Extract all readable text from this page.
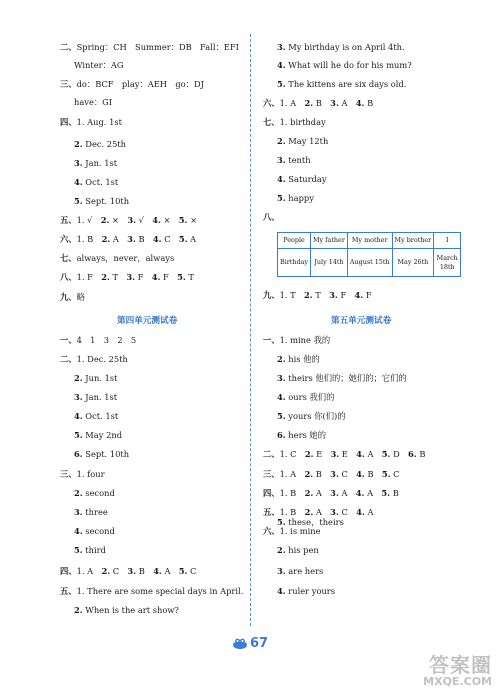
二、Spring：CH　Summer：DB　Fall：EFI
Winter：AG
三、do：BCF　play：AEH　go：DJ
have：GI
四、1. Aug. 1st
2. Dec. 25th
3. Jan. 1st
4. Oct. 1st
5. Sept. 10th
五、1. √　2. ×　3. √　4. ×　5. ×
六、1. B　2. A　3. B　4. C　5. A
七、always，never，always
八、1. F　2. T　3. F　4. F　5. T
九、略
一、4　1　3　2　5
二、1. Dec. 25th
2. Jun. 1st
3. Jan. 1st
4. Oct. 1st
5. May 2nd
6. Sept. 10th
三、1. four
2. second
3. three
4. second
5. third
四、1. A　2. C　3. B　4. A　5. C
五、1. There are some special days in April.
2. When is the art show?
第四单元测试卷
3. My birthday is on April 4th.
4. What will he do for his mum?
5. The kittens are six days old.
六、1. A　2. B　3. A　4. B
七、1. birthday
2. May 12th
3. tenth
4. Saturday
5. happy
八、
九、1. T　2. T　3. F　4. F
一、1. mine 我的
2. his 他的
3. theirs 他们的；她们的；它们的
4. ours 我们的
5. yours 你(们)的
6. hers 她的
二、1. C　2. E　3. E　4. A　5. D　6. B
三、1. A　2. B　3. C　4. B　5. C
四、1. B　2. A　3. A　4. A　5. B
五、1. B　2. A　3. C　4. A
六、1. is mine
2. his pen
3. are hers
4. ruler yours
5. these，theirs
第五单元测试卷
People	My father	My mother	My brother	I
Birthday	July 14th	August 15th	May 26th	March 18th
67
答案圈
MXQE.COM
